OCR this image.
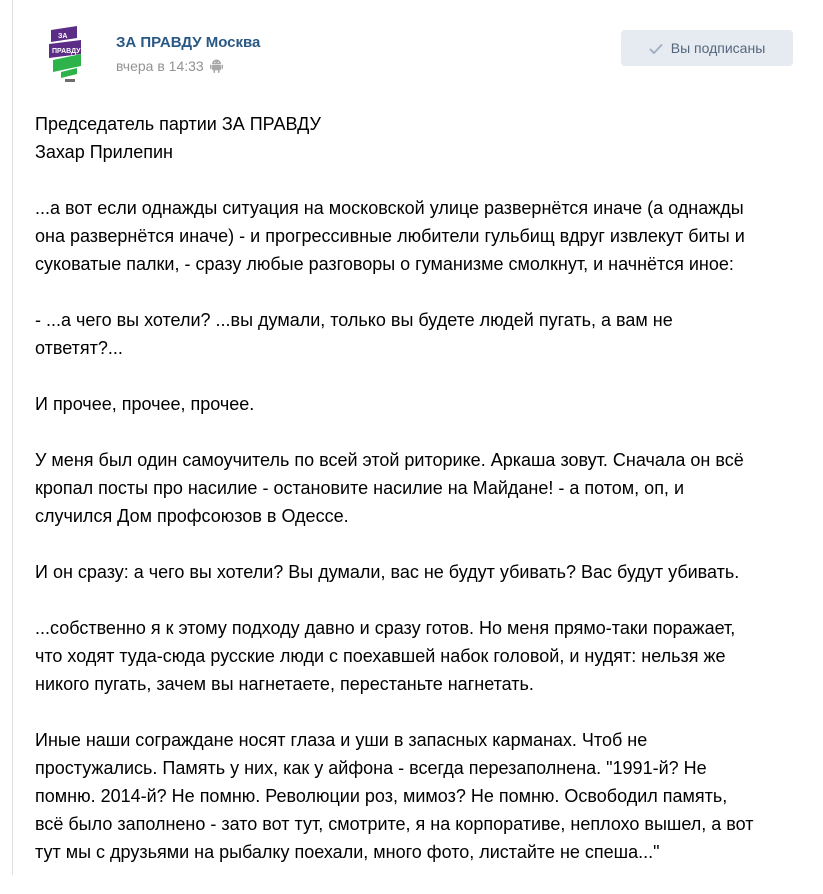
ЗА
ПРАВДУ
ЗА ПРАВДУ Москва
вчера в 14:33
Вы подписаны

Председатель партии ЗА ПРАВДУ
Захар Прилепин

...а вот если однажды ситуация на московской улице развернётся иначе (а однажды
она развернётся иначе) - и прогрессивные любители гульбищ вдруг извлекут биты и
суковатые палки, - сразу любые разговоры о гуманизме смолкнут, и начнётся иное:

- ...а чего вы хотели? ...вы думали, только вы будете людей пугать, а вам не
ответят?...

И прочее, прочее, прочее.

У меня был один самоучитель по всей этой риторике. Аркаша зовут. Сначала он всё
кропал посты про насилие - остановите насилие на Майдане! - а потом, оп, и
случился Дом профсоюзов в Одессе.

И он сразу: а чего вы хотели? Вы думали, вас не будут убивать? Вас будут убивать.

...собственно я к этому подходу давно и сразу готов. Но меня прямо-таки поражает,
что ходят туда-сюда русские люди с поехавшей набок головой, и нудят: нельзя же
никого пугать, зачем вы нагнетаете, перестаньте нагнетать.

Иные наши сограждане носят глаза и уши в запасных карманах. Чтоб не
простужались. Память у них, как у айфона - всегда перезаполнена. "1991-й? Не
помню. 2014-й? Не помню. Революции роз, мимоз? Не помню. Освободил память,
всё было заполнено - зато вот тут, смотрите, я на корпоративе, неплохо вышел, а вот
тут мы с друзьями на рыбалку поехали, много фото, листайте не спеша..."
